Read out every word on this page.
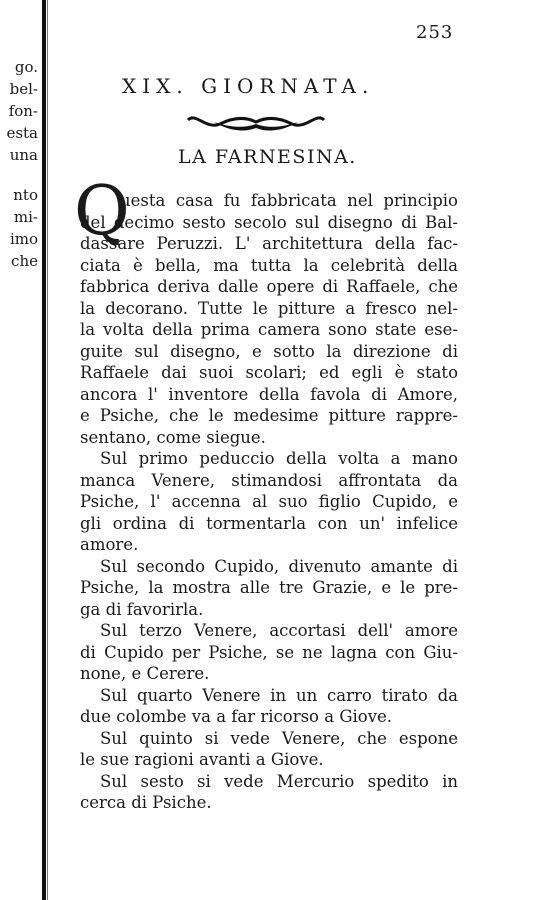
go.
bel-
fon-
esta
una
nto
mi-
imo
che
253
XIX. GIORNATA.
LA FARNESINA.
Q
uesta casa fu fabbricata nel principio
del decimo sesto secolo sul disegno di Bal-
dassare Peruzzi. L' architettura della fac-
ciata è bella, ma tutta la celebrità della
fabbrica deriva dalle opere di Raffaele, che
la decorano. Tutte le pitture a fresco nel-
la volta della prima camera sono state ese-
guite sul disegno, e sotto la direzione di
Raffaele dai suoi scolari; ed egli è stato
ancora l' inventore della favola di Amore,
e Psiche, che le medesime pitture rappre-
sentano, come siegue.
Sul primo peduccio della volta a mano
manca Venere, stimandosi affrontata da
Psiche, l' accenna al suo figlio Cupido, e
gli ordina di tormentarla con un' infelice
amore.
Sul secondo Cupido, divenuto amante di
Psiche, la mostra alle tre Grazie, e le pre-
ga di favorirla.
Sul terzo Venere, accortasi dell' amore
di Cupido per Psiche, se ne lagna con Giu-
none, e Cerere.
Sul quarto Venere in un carro tirato da
due colombe va a far ricorso a Giove.
Sul quinto si vede Venere, che espone
le sue ragioni avanti a Giove.
Sul sesto si vede Mercurio spedito in
cerca di Psiche.
